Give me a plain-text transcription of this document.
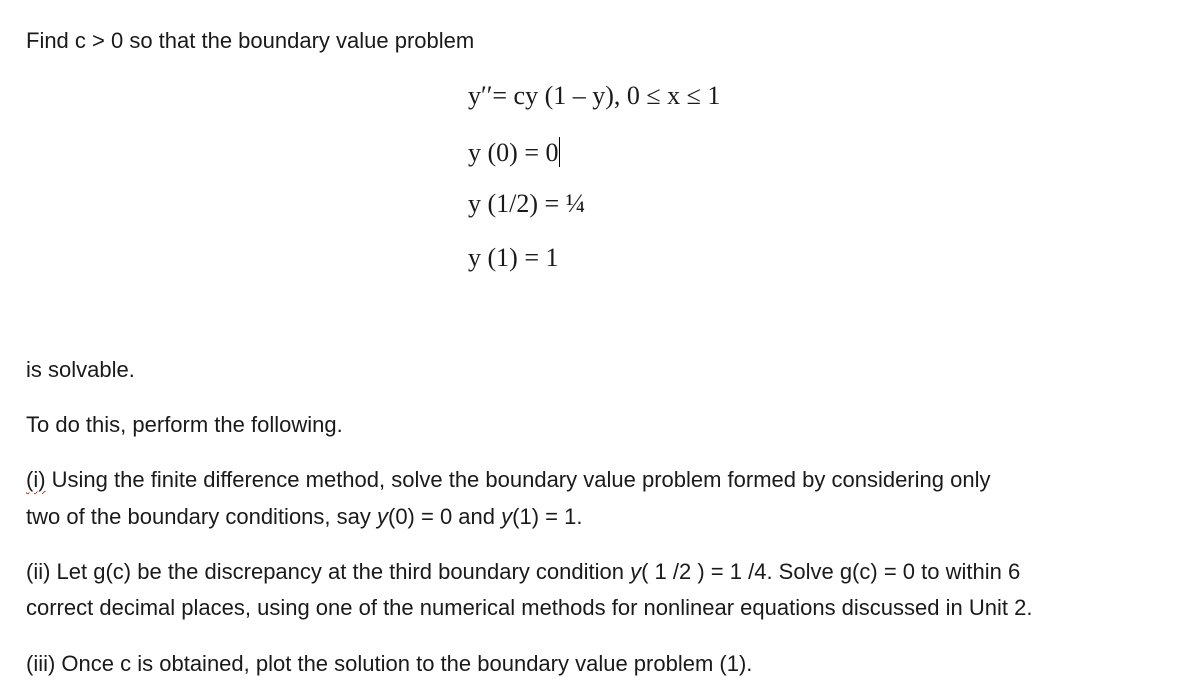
Find c > 0 so that the boundary value problem
y′′= cy (1 – y), 0 ≤ x ≤ 1
y (0) = 0
y (1/2) = ¼
y (1) = 1
is solvable.
To do this, perform the following.
(i) Using the finite difference method, solve the boundary value problem formed by considering only
two of the boundary conditions, say y(0) = 0 and y(1) = 1.
(ii) Let g(c) be the discrepancy at the third boundary condition y( 1 /2 ) = 1 /4. Solve g(c) = 0 to within 6
correct decimal places, using one of the numerical methods for nonlinear equations discussed in Unit 2.
(iii) Once c is obtained, plot the solution to the boundary value problem (1).
